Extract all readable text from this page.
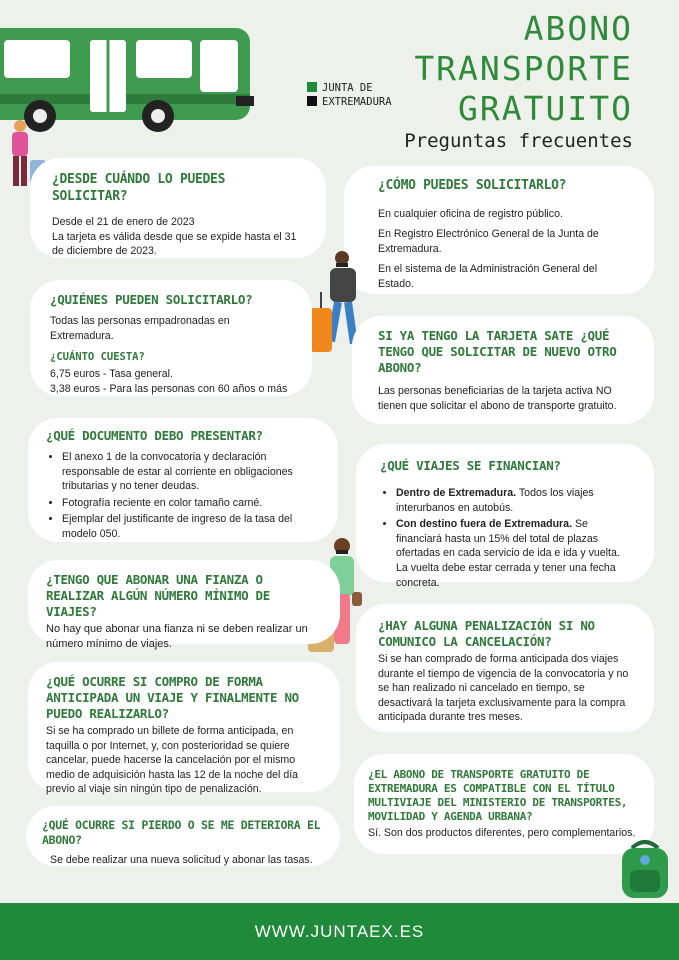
JUNTA DE
EXTREMADURA
ABONO
TRANSPORTE
GRATUITO
Preguntas frecuentes
¿DESDE CUÁNDO LO PUEDES SOLICITAR?
Desde el 21 de enero de 2023
La tarjeta es válida desde que se expide hasta el 31 de diciembre de 2023.
¿CÓMO PUEDES SOLICITARLO?

En cualquier oficina de registro público.

En Registro Electrónico General de la Junta de Extremadura.

En el sistema de la Administración General del Estado.

¿QUIÉNES PUEDEN SOLICITARLO?
Todas las personas empadronadas en Extremadura.
¿CUÁNTO CUESTA?
6,75 euros - Tasa general.
3,38 euros - Para las personas con 60 años o más
SI YA TENGO LA TARJETA SATE ¿QUÉ TENGO QUE SOLICITAR DE NUEVO OTRO ABONO?
Las personas beneficiarias de la tarjeta activa NO tienen que solicitar el abono de transporte gratuito.
¿QUÉ DOCUMENTO DEBO PRESENTAR?
• El anexo 1 de la convocatoria y declaración responsable de estar al corriente en obligaciones tributarias y no tener deudas.
• Fotografía reciente en color tamaño carné.
• Ejemplar del justificante de ingreso de la tasa del modelo 050.
¿QUÉ VIAJES SE FINANCIAN?
• Dentro de Extremadura. Todos los viajes interurbanos en autobús.
• Con destino fuera de Extremadura. Se financiará hasta un 15% del total de plazas ofertadas en cada servicio de ida e ida y vuelta. La vuelta debe estar cerrada y tener una fecha concreta.
¿TENGO QUE ABONAR UNA FIANZA O REALIZAR ALGÚN NÚMERO MÍNIMO DE VIAJES?
No hay que abonar una fianza ni se deben realizar un número mínimo de viajes.
¿HAY ALGUNA PENALIZACIÓN SI NO COMUNICO LA CANCELACIÓN?
Si se han comprado de forma anticipada dos viajes durante el tiempo de vigencia de la convocatoria y no se han realizado ni cancelado en tiempo, se desactivará la tarjeta exclusivamente para la compra anticipada durante tres meses.
¿QUÉ OCURRE SI COMPRO DE FORMA ANTICIPADA UN VIAJE Y FINALMENTE NO PUEDO REALIZARLO?
Si se ha comprado un billete de forma anticipada, en taquilla o por Internet, y, con posterioridad se quiere cancelar, puede hacerse la cancelación por el mismo medio de adquisición hasta las 12 de la noche del día previo al viaje sin ningún tipo de penalización.
¿EL ABONO DE TRANSPORTE GRATUITO DE EXTREMADURA ES COMPATIBLE CON EL TÍTULO MULTIVIAJE DEL MINISTERIO DE TRANSPORTES, MOVILIDAD Y AGENDA URBANA?
Sí. Son dos productos diferentes, pero complementarios.
¿QUÉ OCURRE SI PIERDO O SE ME DETERIORA EL ABONO?
Se debe realizar una nueva solicitud y abonar las tasas.
WWW.JUNTAEX.ES
